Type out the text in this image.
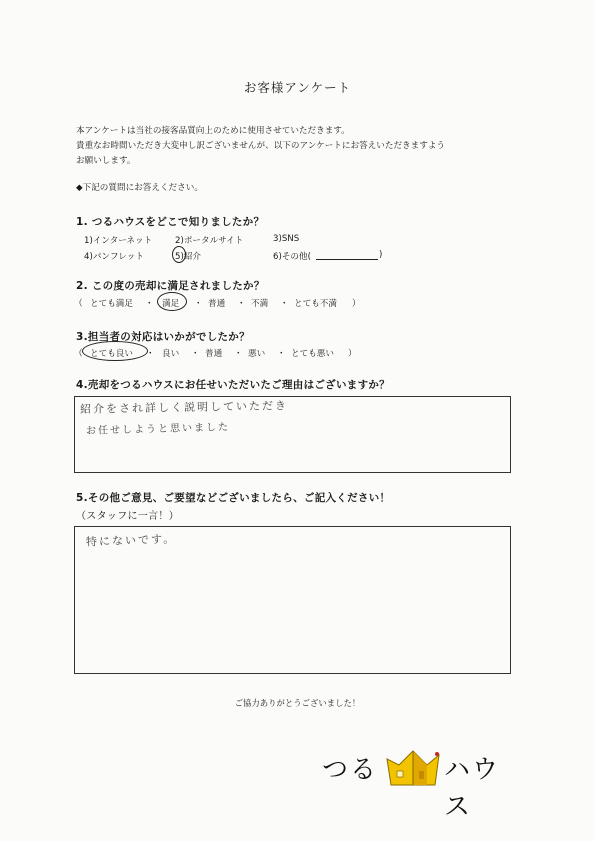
お客様アンケート
本アンケートは当社の接客品質向上のために使用させていただきます。
貴重なお時間いただき大変申し訳ございませんが、以下のアンケートにお答えいただきますよう
お願いします。
◆下記の質問にお答えください。
1. つるハウスをどこで知りましたか？
1)インターネット	2)ポータルサイト	3)SNS
4)パンフレット	5)紹介	6)その他(	)
2. この度の売却に満足されましたか？
（ とても満足 ・ 満足 ・ 普通 ・ 不満 ・ とても不満 ）
3.担当者の対応はいかがでしたか？
（ とても良い ・ 良い ・ 普通 ・ 悪い ・ とても悪い ）
4.売却をつるハウスにお任せいただいたご理由はございますか？
紹介をされ詳しく説明していただき
お任せしようと思いました
5.その他ご意見、ご要望などございましたら、ご記入ください！
（スタッフに一言！）
特にないです。
ご協力ありがとうございました！
つる	ハウス
